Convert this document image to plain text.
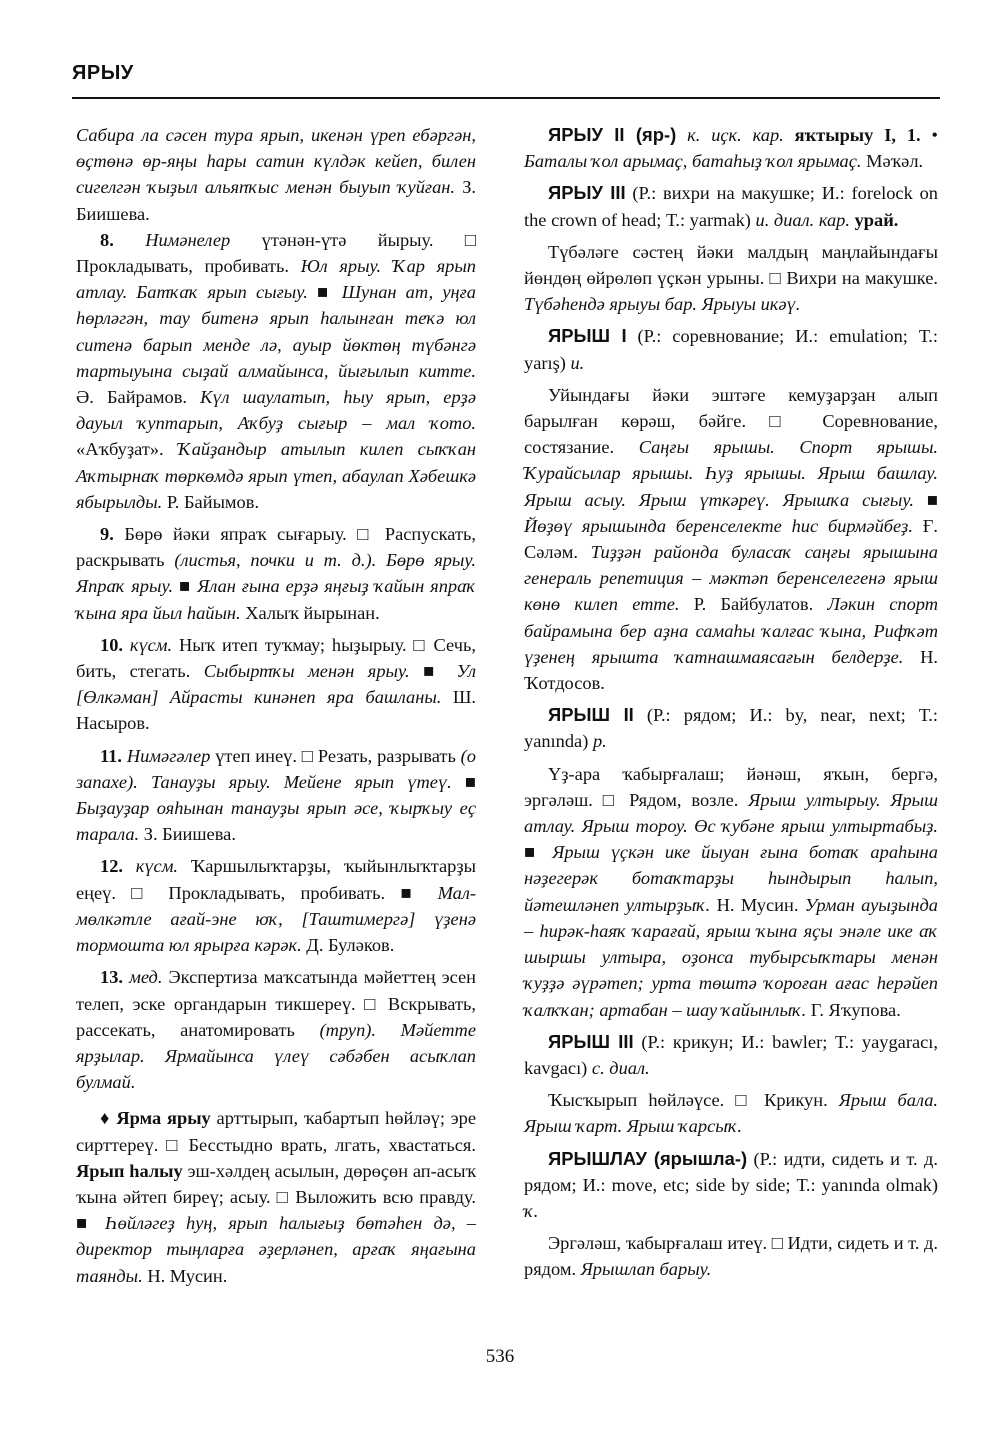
ЯРЫУ

Сабира ла сәсен тура ярып, икенән үреп ебәргән, өҫтөнә өр-яңы һары сатин күлдәк кейеп, билен сигелгән ҡыҙыл альяпҡыс менән быуып ҡуйған. З. Биишева.

8. Нимәнелер үтәнән-үтә йырыу. □ Прокладывать, пробивать. Юл ярыу. Ҡар ярып атлау. Батҡаҡ ярып сығыу. ■ Шунан ат, уңға һөрләгән, тау битенә ярып һалынған теҡә юл ситенә барып менде лә, ауыр йөктөң түбәнгә тартыуына сыҙай алмайынса, йығылып китте. Ә. Байрамов. Күл шаулатып, һыу ярып, ерҙә дауыл ҡуптарып, Аҡбуҙ сығыр – мал ҡото. «Аҡбуҙат». Ҡайҙандыр атылып килеп сыҡҡан Аҡтырнаҡ төркөмдә ярып үтеп, абаулап Хәбешкә ябырылды. Р. Байымов.

9. Бөрө йәки япраҡ сығарыу. □ Распускать, раскрывать (листья, почки и т. д.). Бөрө ярыу. Япраҡ ярыу. ■ Ялан ғына ерҙә яңғыҙ ҡайын япраҡ ҡына яра йыл һайын. Халыҡ йырынан.

10. күсм. Ныҡ итеп туҡмау; һыҙырыу. □ Сечь, бить, стегать. Сыбыртҡы менән ярыу. ■ Ул [Өлкәман] Айрасты кинәнеп яра башланы. Ш. Насыров.

11. Нимәгәлер үтеп инеү. □ Резать, разрывать (о запахе). Танауҙы ярыу. Мейене ярып үтеү. ■ Быҙауҙар ояһынан танауҙы ярып әсе, ҡырҡыу еҫ тарала. З. Биишева.

12. күсм. Ҡаршылыҡтарҙы, ҡыйынлыҡтарҙы еңеү. □ Прокладывать, пробивать. ■ Мал-мөлкәтле ағай-эне юҡ, [Таштимергә] үҙенә тормошта юл ярырға кәрәк. Д. Буләков.

13. мед. Экспертиза маҡсатында мәйеттең эсен телеп, эске органдарын тикшереү. □ Вскрывать, рассекать, анатомировать (труп). Мәйетте ярҙылар. Ярмайынса үлеү сәбәбен асыҡлап булмай.

♦ Ярма ярыу арттырып, ҡабартып һөйләү; эре сирттереү. □ Бесстыдно врать, лгать, хвастаться. Ярып һалыу эш-хәлдең асылын, дөрөҫөн ап-асыҡ ҡына әйтеп биреү; асыу. □ Выложить всю правду. ■ Һөйләгеҙ һуң, ярып һалығыҙ бөтәһен дә, – директор тыңларға әҙерләнеп, арғаҡ яңағына таянды. Н. Мусин.

ЯРЫУ II (яр-) к. иҫк. кар. яҡтырыу I, 1. • Баталы ҡол арымаҫ, батаһыҙ ҡол ярымаҫ. Мәҡәл.

ЯРЫУ III (Р.: вихри на макушке; И.: forelock on the crown of head; Т.: yarmak) и. диал. кар. урай.

Түбәләге сәстең йәки малдың маңлайындағы йөндөң өйрөлөп үҫкән урыны. □ Вихри на макушке. Түбәһендә ярыуы бар. Ярыуы икәү.

ЯРЫШ I (Р.: соревнование; И.: emulation; Т.: yarış) и.

Уйындағы йәки эштәге кемуҙарҙан алып барылған көрәш, бәйге. □ Соревнование, состязание. Саңғы ярышы. Спорт ярышы. Ҡурайсылар ярышы. Һуҙ ярышы. Ярыш башлау. Ярыш асыу. Ярыш үткәреү. Ярышҡа сығыу. ■ Йөҙөү ярышында беренселекте һис бирмәйбеҙ. Ғ. Сәләм. Тиҙҙән районда буласаҡ саңғы ярышына генераль репетиция – мәктәп беренселегенә ярыш көнө килеп етте. Р. Байбулатов. Ләкин спорт байрамына бер аҙна самаһы ҡалғас ҡына, Рифҡәт үҙенең ярышта ҡатнашмаясағын белдерҙе. Н. Ҡотдосов.

ЯРЫШ II (Р.: рядом; И.: by, near, next; Т.: yanında) р.

Үҙ-ара ҡабырғалаш; йәнәш, яҡын, бергә, эргәләш. □ Рядом, возле. Ярыш ултырыу. Ярыш атлау. Ярыш тороу. Өс ҡубәне ярыш ултыртабыҙ. ■ Ярыш үҫкән ике йыуан ғына ботаҡ араһына нәҙегерәк ботаҡтарҙы һындырып һалып, йәтешләнеп ултырҙыҡ. Н. Мусин. Урман ауыҙында – һирәк-һаяҡ ҡарағай, ярыш ҡына яҫы энәле ике аҡ шыршы ултыра, оҙонса тубырсыҡтары менән ҡуҙҙә әүрәтеп; урта төштә ҡороған ағас һерәйеп ҡалҡҡан; артабан – шау ҡайынлыҡ. Г. Яҡупова.

ЯРЫШ III (Р.: крикун; И.: bawler; Т.: yaygaracı, kavgacı) с. диал.

Ҡысҡырып һөйләүсе. □ Крикун. Ярыш бала. Ярыш ҡарт. Ярыш ҡарсыҡ.

ЯРЫШЛАУ (ярышла-) (Р.: идти, сидеть и т. д. рядом; И.: move, etc; side by side; Т.: yanında olmak) ҡ.

Эргәләш, ҡабырғалаш итеү. □ Идти, сидеть и т. д. рядом. Ярышлап барыу.

536
